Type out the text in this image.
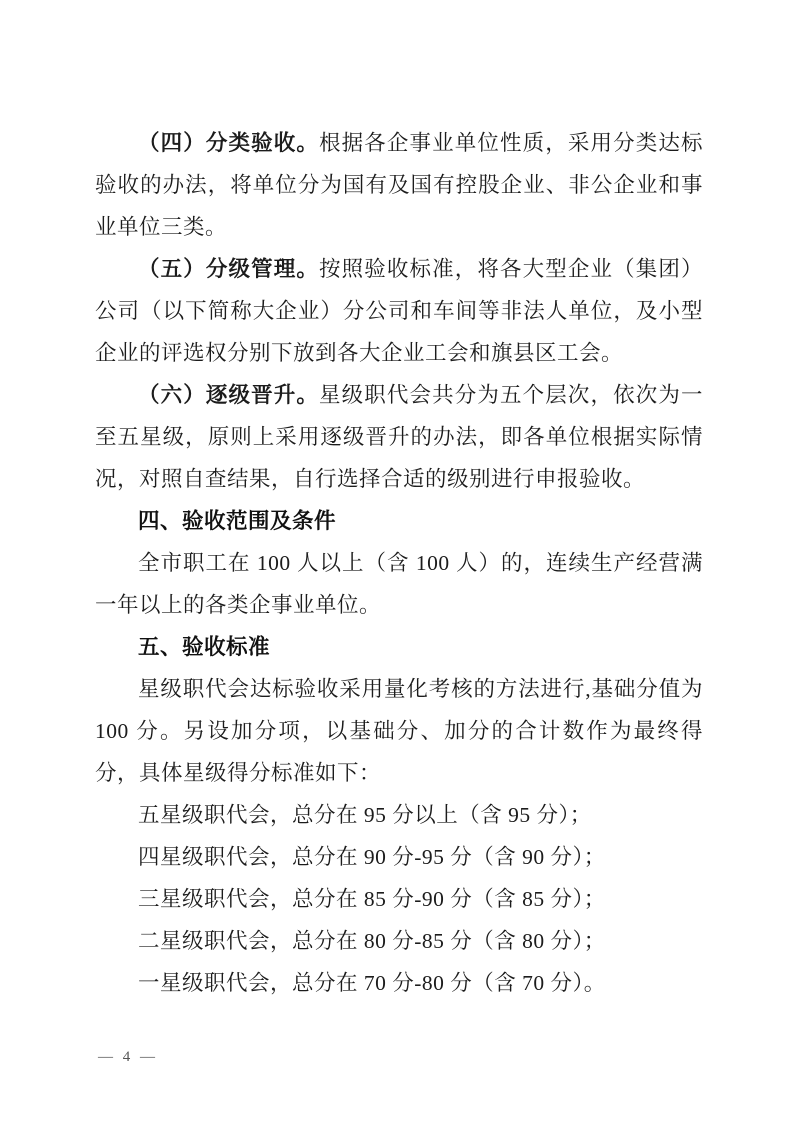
（四）分类验收。根据各企事业单位性质，采用分类达标验收的办法，将单位分为国有及国有控股企业、非公企业和事业单位三类。

（五）分级管理。按照验收标准，将各大型企业（集团）公司（以下简称大企业）分公司和车间等非法人单位，及小型企业的评选权分别下放到各大企业工会和旗县区工会。

（六）逐级晋升。星级职代会共分为五个层次，依次为一至五星级，原则上采用逐级晋升的办法，即各单位根据实际情况，对照自查结果，自行选择合适的级别进行申报验收。

四、验收范围及条件

全市职工在 100 人以上（含 100 人）的，连续生产经营满一年以上的各类企事业单位。

五、验收标准

星级职代会达标验收采用量化考核的方法进行,基础分值为 100 分。另设加分项，以基础分、加分的合计数作为最终得分，具体星级得分标准如下：

五星级职代会，总分在 95 分以上（含 95 分）；

四星级职代会，总分在 90 分-95 分（含 90 分）；

三星级职代会，总分在 85 分-90 分（含 85 分）；

二星级职代会，总分在 80 分-85 分（含 80 分）；

一星级职代会，总分在 70 分-80 分（含 70 分）。

— 4 —
